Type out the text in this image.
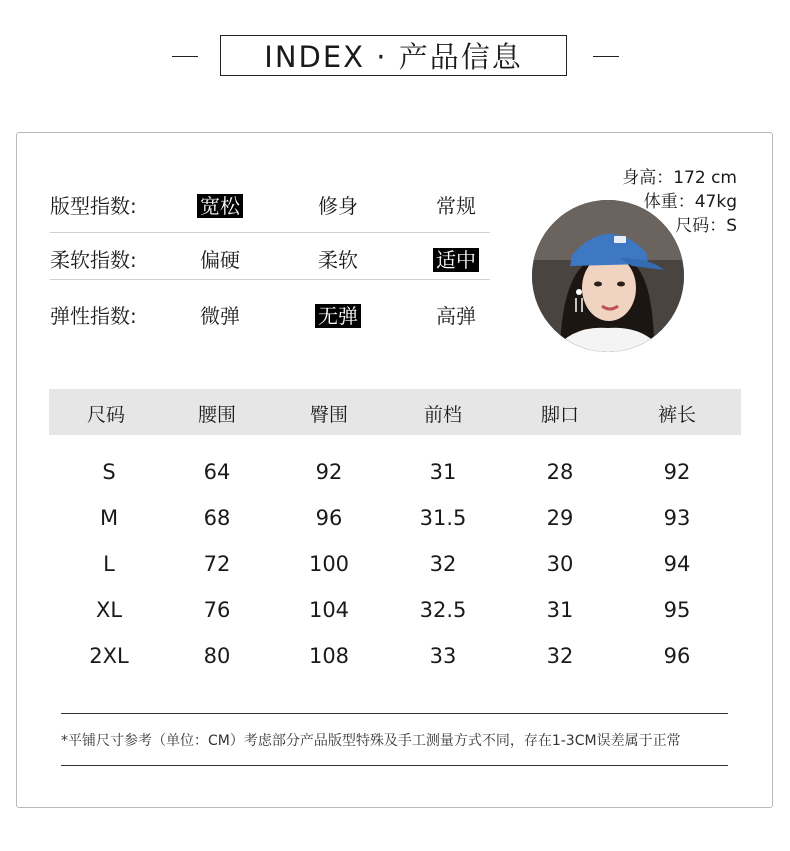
INDEX · 产品信息
版型指数:	宽松	修身	常规
柔软指数:	偏硬	柔软	适中
弹性指数:	微弹	无弹	高弹
身高：172 cm
体重：47kg
尺码：S
尺码	腰围	臀围	前档	脚口	裤长
S	64	92	31	28	92
M	68	96	31.5	29	93
L	72	100	32	30	94
XL	76	104	32.5	31	95
2XL	80	108	33	32	96
*平铺尺寸参考（单位：CM）考虑部分产品版型特殊及手工测量方式不同，存在1-3CM误差属于正常
